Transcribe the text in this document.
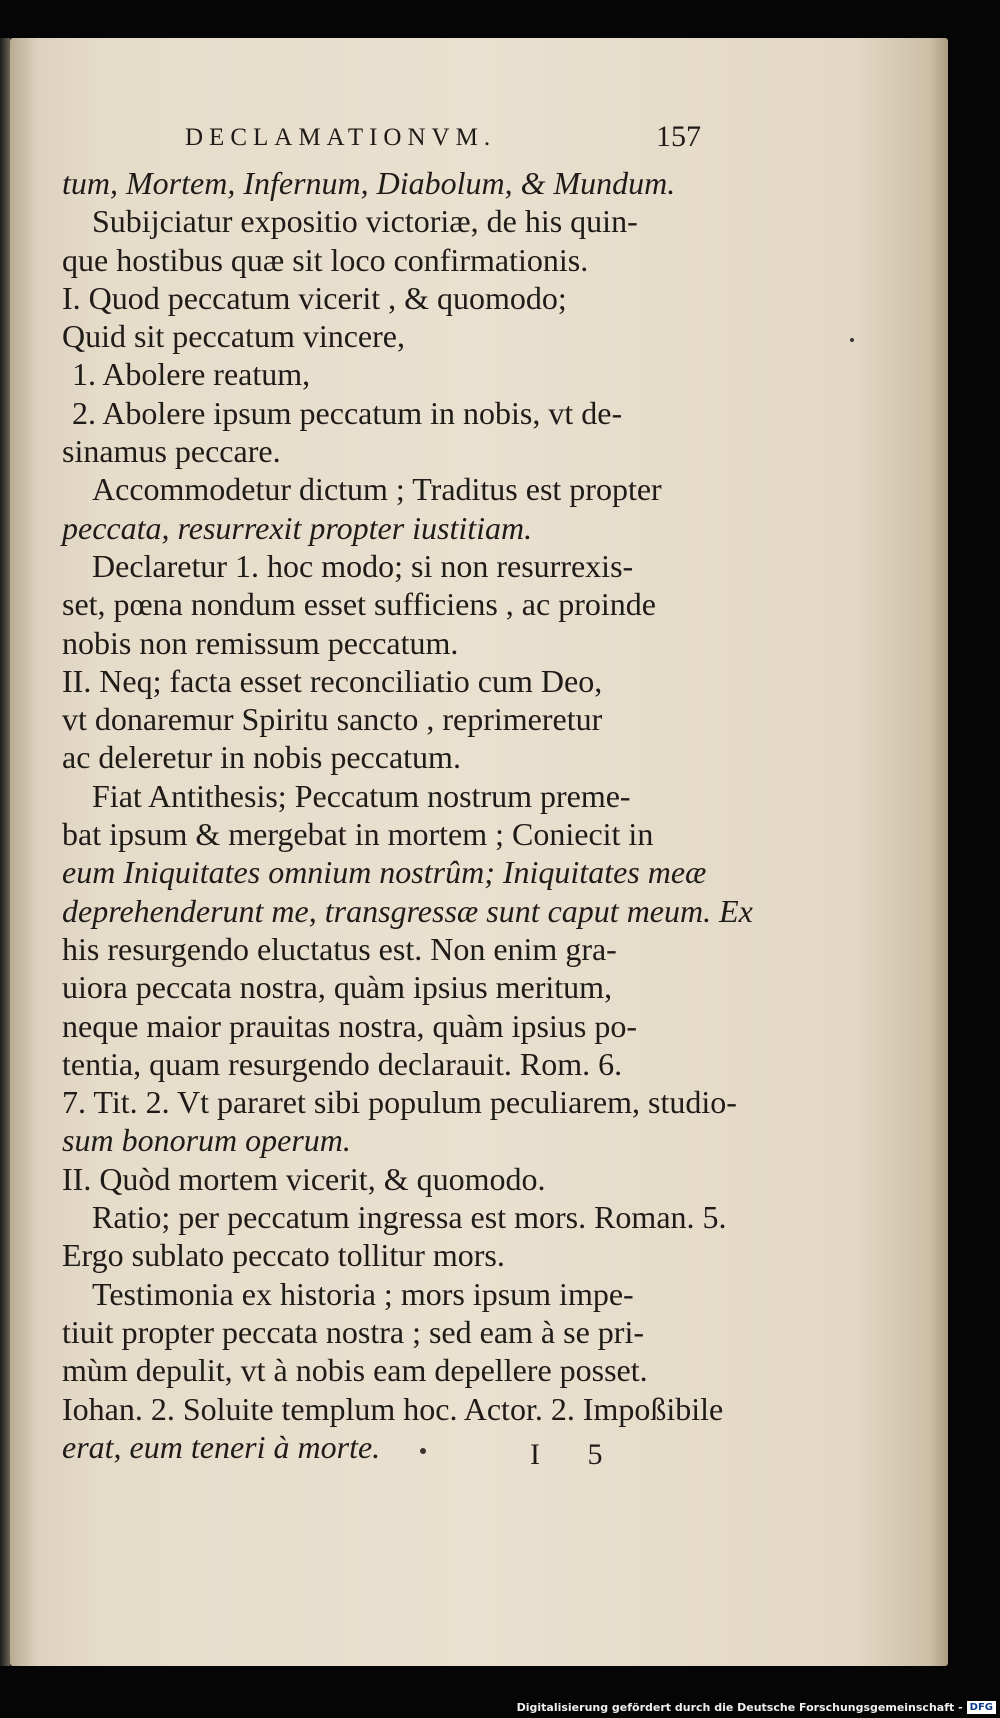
DECLAMATIONVM.	157
tum, Mortem, Infernum, Diabolum, & Mundum.
Subijciatur expositio victoriæ, de his quin-
que hostibus quæ sit loco confirmationis.
I. Quod peccatum vicerit , & quomodo;
Quid sit peccatum vincere,
1. Abolere reatum,
2. Abolere ipsum peccatum in nobis, vt de-
sinamus peccare.
Accommodetur dictum ; Traditus est propter
peccata, resurrexit propter iustitiam.
Declaretur 1. hoc modo; si non resurrexis-
set, pœna nondum esset sufficiens , ac proinde
nobis non remissum peccatum.
II. Neq; facta esset reconciliatio cum Deo,
vt donaremur Spiritu sancto , reprimeretur
ac deleretur in nobis peccatum.
Fiat Antithesis; Peccatum nostrum preme-
bat ipsum & mergebat in mortem ; Coniecit in
eum Iniquitates omnium nostrûm; Iniquitates meæ
deprehenderunt me, transgressæ sunt caput meum. Ex
his resurgendo eluctatus est. Non enim gra-
uiora peccata nostra, quàm ipsius meritum,
neque maior prauitas nostra, quàm ipsius po-
tentia, quam resurgendo declarauit. Rom. 6.
7. Tit. 2. Vt pararet sibi populum peculiarem, studio-
sum bonorum operum.
II. Quòd mortem vicerit, & quomodo.
Ratio; per peccatum ingressa est mors. Roman. 5.
Ergo sublato peccato tollitur mors.
Testimonia ex historia ; mors ipsum impe-
tiuit propter peccata nostra ; sed eam à se pri-
mùm depulit, vt à nobis eam depellere posset.
Iohan. 2. Soluite templum hoc. Actor. 2. Impoßibile
erat, eum teneri à morte.	I 5
Digitalisierung gefördert durch die Deutsche Forschungsgemeinschaft - DFG
